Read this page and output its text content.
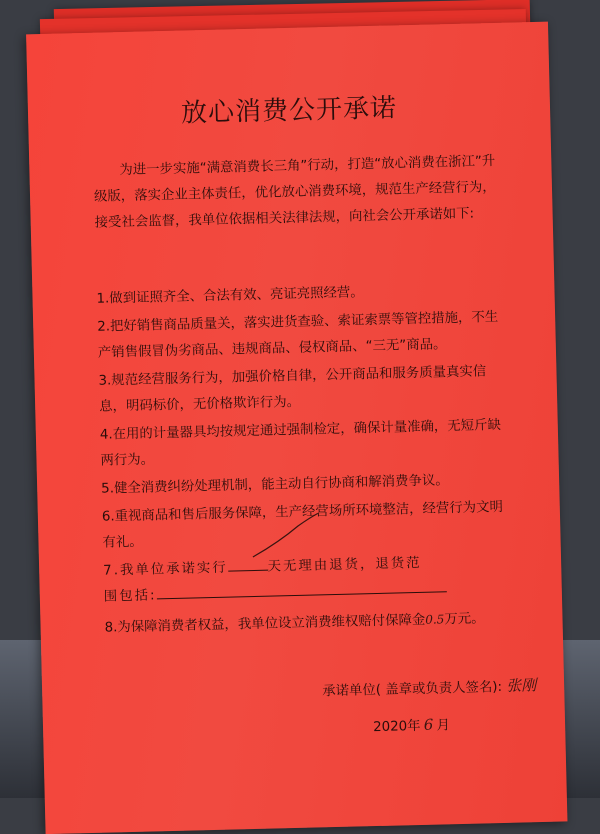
放心消费公开承诺
为进一步实施“满意消费长三角”行动，打造“放心消费在浙江”升级版，落实企业主体责任，优化放心消费环境，规范生产经营行为，接受社会监督，我单位依据相关法律法规，向社会公开承诺如下:
1.做到证照齐全、合法有效、亮证亮照经营。
2.把好销售商品质量关，落实进货查验、索证索票等管控措施，不生产销售假冒伪劣商品、违规商品、侵权商品、“三无”商品。
3.规范经营服务行为，加强价格自律，公开商品和服务质量真实信息，明码标价，无价格欺诈行为。
4.在用的计量器具均按规定通过强制检定，确保计量准确，无短斤缺两行为。
5.健全消费纠纷处理机制，能主动自行协商和解消费争议。
6.重视商品和售后服务保障，生产经营场所环境整洁，经营行为文明有礼。
7.我单位承诺实行	天无理由退货，退货范
围包括:
8.为保障消费者权益，我单位设立消费维权赔付保障金0.5万元。
承诺单位( 盖章或负责人签名): 张刚
2020年 6 月
